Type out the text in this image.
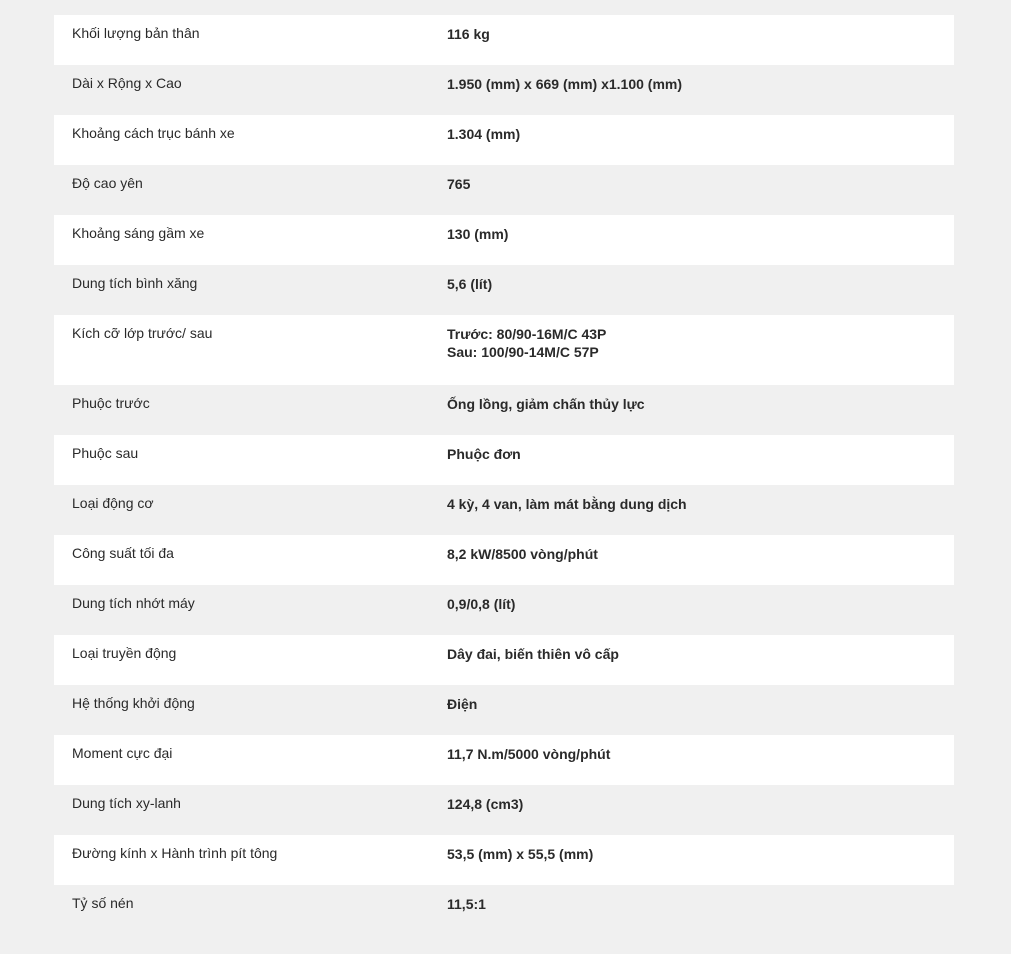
Khối lượng bản thân	116 kg
Dài x Rộng x Cao	1.950 (mm) x 669 (mm) x1.100 (mm)
Khoảng cách trục bánh xe	1.304 (mm)
Độ cao yên	765
Khoảng sáng gầm xe	130 (mm)
Dung tích bình xăng	5,6 (lít)
Kích cỡ lớp trước/ sau	Trước: 80/90-16M/C 43P
Sau: 100/90-14M/C 57P
Phuộc trước	Ống lồng, giảm chấn thủy lực
Phuộc sau	Phuộc đơn
Loại động cơ	4 kỳ, 4 van, làm mát bằng dung dịch
Công suất tối đa	8,2 kW/8500 vòng/phút
Dung tích nhớt máy	0,9/0,8 (lít)
Loại truyền động	Dây đai, biến thiên vô cấp
Hệ thống khởi động	Điện
Moment cực đại	11,7 N.m/5000 vòng/phút
Dung tích xy-lanh	124,8 (cm3)
Đường kính x Hành trình pít tông	53,5 (mm) x 55,5 (mm)
Tỷ số nén	11,5:1
